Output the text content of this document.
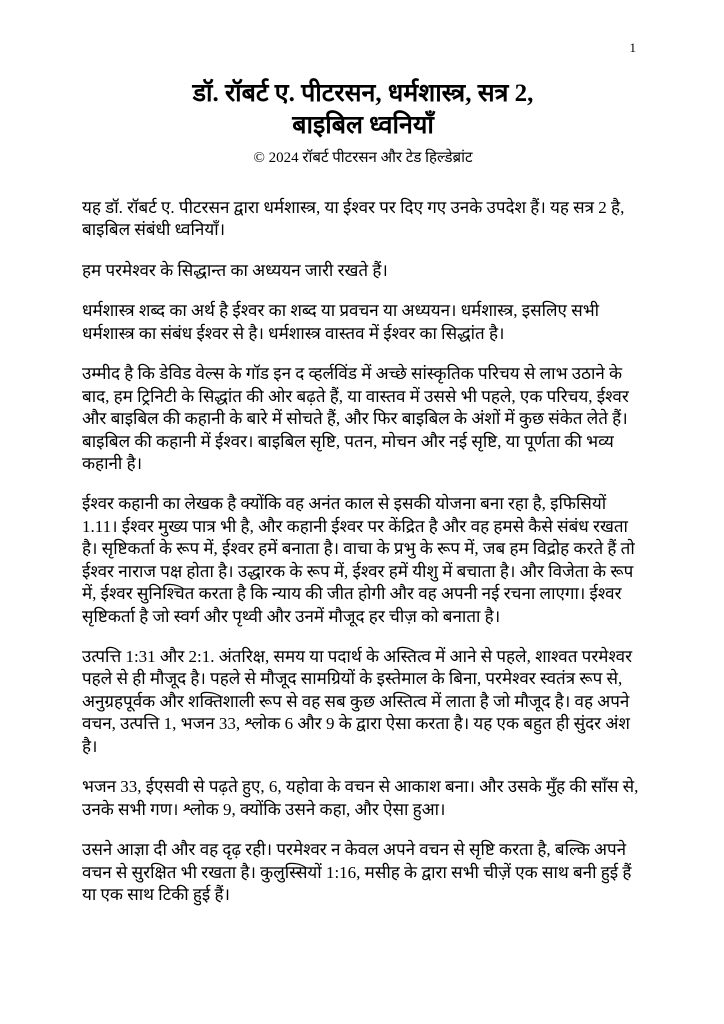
1
डॉ. रॉबर्ट ए. पीटरसन, धर्मशास्त्र, सत्र 2,
बाइबिल ध्वनियाँ
© 2024 रॉबर्ट पीटरसन और टेड हिल्डेब्रांट

यह डॉ. रॉबर्ट ए. पीटरसन द्वारा धर्मशास्त्र, या ईश्वर पर दिए गए उनके उपदेश हैं। यह सत्र 2 है, बाइबिल संबंधी ध्वनियाँ।

हम परमेश्वर के सिद्धान्त का अध्ययन जारी रखते हैं।

धर्मशास्त्र शब्द का अर्थ है ईश्वर का शब्द या प्रवचन या अध्ययन। धर्मशास्त्र, इसलिए सभी धर्मशास्त्र का संबंध ईश्वर से है। धर्मशास्त्र वास्तव में ईश्वर का सिद्धांत है।

उम्मीद है कि डेविड वेल्स के गॉड इन द व्हर्लविंड में अच्छे सांस्कृतिक परिचय से लाभ उठाने के बाद, हम ट्रिनिटी के सिद्धांत की ओर बढ़ते हैं, या वास्तव में उससे भी पहले, एक परिचय, ईश्वर और बाइबिल की कहानी के बारे में सोचते हैं, और फिर बाइबिल के अंशों में कुछ संकेत लेते हैं। बाइबिल की कहानी में ईश्वर। बाइबिल सृष्टि, पतन, मोचन और नई सृष्टि, या पूर्णता की भव्य कहानी है।

ईश्वर कहानी का लेखक है क्योंकि वह अनंत काल से इसकी योजना बना रहा है, इफिसियों 1.11। ईश्वर मुख्य पात्र भी है, और कहानी ईश्वर पर केंद्रित है और वह हमसे कैसे संबंध रखता है। सृष्टिकर्ता के रूप में, ईश्वर हमें बनाता है। वाचा के प्रभु के रूप में, जब हम विद्रोह करते हैं तो ईश्वर नाराज पक्ष होता है। उद्धारक के रूप में, ईश्वर हमें यीशु में बचाता है। और विजेता के रूप में, ईश्वर सुनिश्चित करता है कि न्याय की जीत होगी और वह अपनी नई रचना लाएगा। ईश्वर सृष्टिकर्ता है जो स्वर्ग और पृथ्वी और उनमें मौजूद हर चीज़ को बनाता है।

उत्पत्ति 1:31 और 2:1. अंतरिक्ष, समय या पदार्थ के अस्तित्व में आने से पहले, शाश्वत परमेश्वर पहले से ही मौजूद है। पहले से मौजूद सामग्रियों के इस्तेमाल के बिना, परमेश्वर स्वतंत्र रूप से, अनुग्रहपूर्वक और शक्तिशाली रूप से वह सब कुछ अस्तित्व में लाता है जो मौजूद है। वह अपने वचन, उत्पत्ति 1, भजन 33, श्लोक 6 और 9 के द्वारा ऐसा करता है। यह एक बहुत ही सुंदर अंश है।

भजन 33, ईएसवी से पढ़ते हुए, 6, यहोवा के वचन से आकाश बना। और उसके मुँह की साँस से, उनके सभी गण। श्लोक 9, क्योंकि उसने कहा, और ऐसा हुआ।

उसने आज्ञा दी और वह दृढ़ रही। परमेश्वर न केवल अपने वचन से सृष्टि करता है, बल्कि अपने वचन से सुरक्षित भी रखता है। कुलुस्सियों 1:16, मसीह के द्वारा सभी चीज़ें एक साथ बनी हुई हैं या एक साथ टिकी हुई हैं।
